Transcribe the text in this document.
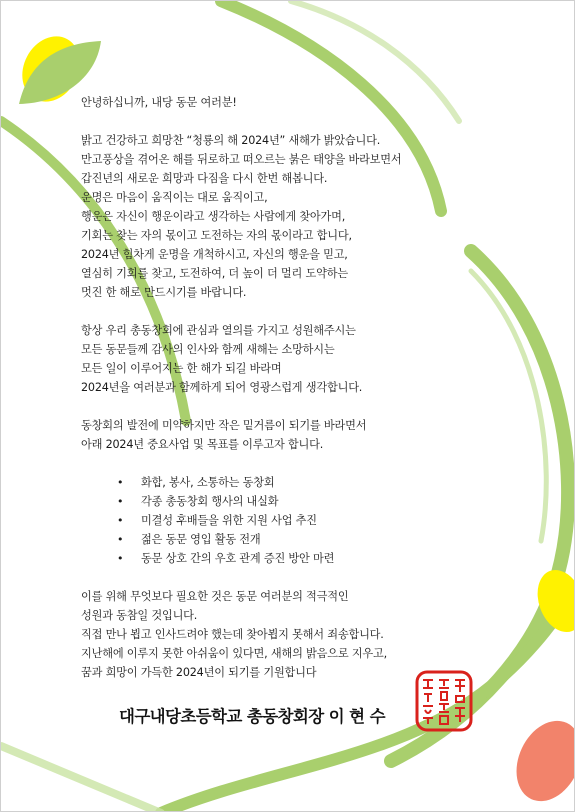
안녕하십니까, 내당 동문 여러분!
밝고 건강하고 희망찬 “청룡의 해 2024년” 새해가 밝았습니다.
만고풍상을 겪어온 해를 뒤로하고 떠오르는 붉은 태양을 바라보면서
갑진년의 새로운 희망과 다짐을 다시 한번 해봅니다.
운명은 마음이 움직이는 대로 움직이고,
행운은 자신이 행운이라고 생각하는 사람에게 찾아가며,
기회는 찾는 자의 몫이고 도전하는 자의 몫이라고 합니다,
2024년 힘차게 운명을 개척하시고, 자신의 행운을 믿고,
열심히 기회를 찾고, 도전하여, 더 높이 더 멀리 도약하는
멋진 한 해로 만드시기를 바랍니다.
항상 우리 총동창회에 관심과 열의를 가지고 성원해주시는
모든 동문들께 감사의 인사와 함께 새해는 소망하시는
모든 일이 이루어지는 한 해가 되길 바라며
2024년을 여러분과 함께하게 되어 영광스럽게 생각합니다.
동창회의 발전에 미약하지만 작은 밑거름이 되기를 바라면서
아래 2024년 중요사업 및 목표를 이루고자 합니다.
• 화합, 봉사, 소통하는 동창회
• 각종 총동창회 행사의 내실화
• 미결성 후배들을 위한 지원 사업 추진
• 젊은 동문 영입 활동 전개
• 동문 상호 간의 우호 관계 증진 방안 마련
이를 위해 무엇보다 필요한 것은 동문 여러분의 적극적인
성원과 동참일 것입니다.
직접 만나 뵙고 인사드려야 했는데 찾아뵙지 못해서 죄송합니다.
지난해에 이루지 못한 아쉬움이 있다면, 새해의 밝음으로 지우고,
꿈과 희망이 가득한 2024년이 되기를 기원합니다
대구내당초등학교 총동창회장 이 현 수
